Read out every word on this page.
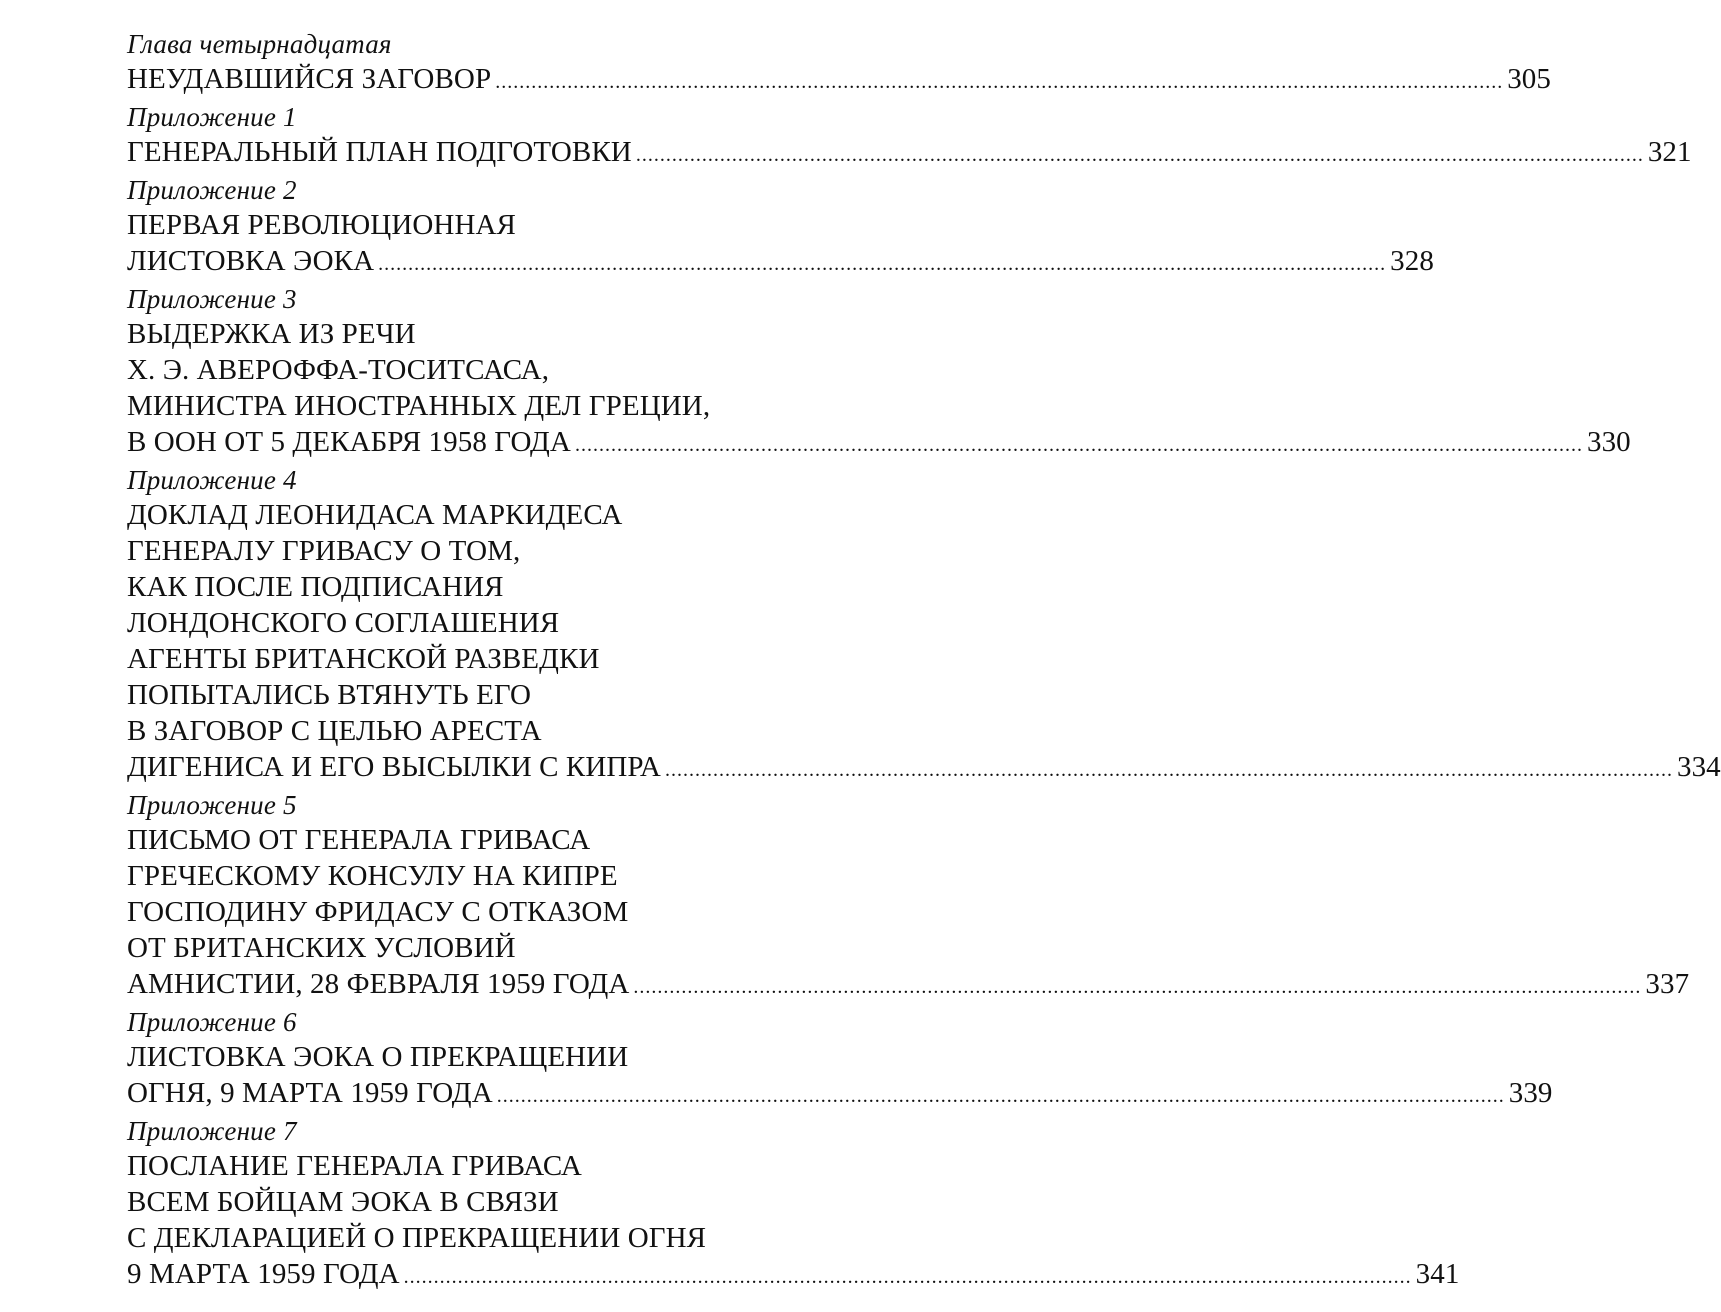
Глава четырнадцатая
НЕУДАВШИЙСЯ ЗАГОВОР ........................................................................................................................................................................ 305
Приложение 1
ГЕНЕРАЛЬНЫЙ ПЛАН ПОДГОТОВКИ ........................................................................................................................................................................ 321
Приложение 2
ПЕРВАЯ РЕВОЛЮЦИОННАЯ
ЛИСТОВКА ЭОКА ........................................................................................................................................................................ 328
Приложение 3
ВЫДЕРЖКА ИЗ РЕЧИ
Х. Э. АВЕРОФФА-ТОСИТСАСА,
МИНИСТРА ИНОСТРАННЫХ ДЕЛ ГРЕЦИИ,
В ООН ОТ 5 ДЕКАБРЯ 1958 ГОДА ........................................................................................................................................................................ 330
Приложение 4
ДОКЛАД ЛЕОНИДАСА МАРКИДЕСА
ГЕНЕРАЛУ ГРИВАСУ О ТОМ,
КАК ПОСЛЕ ПОДПИСАНИЯ
ЛОНДОНСКОГО СОГЛАШЕНИЯ
АГЕНТЫ БРИТАНСКОЙ РАЗВЕДКИ
ПОПЫТАЛИСЬ ВТЯНУТЬ ЕГО
В ЗАГОВОР С ЦЕЛЬЮ АРЕСТА
ДИГЕНИСА И ЕГО ВЫСЫЛКИ С КИПРА ........................................................................................................................................................................ 334
Приложение 5
ПИСЬМО ОТ ГЕНЕРАЛА ГРИВАСА
ГРЕЧЕСКОМУ КОНСУЛУ НА КИПРЕ
ГОСПОДИНУ ФРИДАСУ С ОТКАЗОМ
ОТ БРИТАНСКИХ УСЛОВИЙ
АМНИСТИИ, 28 ФЕВРАЛЯ 1959 ГОДА ........................................................................................................................................................................ 337
Приложение 6
ЛИСТОВКА ЭОКА О ПРЕКРАЩЕНИИ
ОГНЯ, 9 МАРТА 1959 ГОДА ........................................................................................................................................................................ 339
Приложение 7
ПОСЛАНИЕ ГЕНЕРАЛА ГРИВАСА
ВСЕМ БОЙЦАМ ЭОКА В СВЯЗИ
С ДЕКЛАРАЦИЕЙ О ПРЕКРАЩЕНИИ ОГНЯ
9 МАРТА 1959 ГОДА ........................................................................................................................................................................ 341
